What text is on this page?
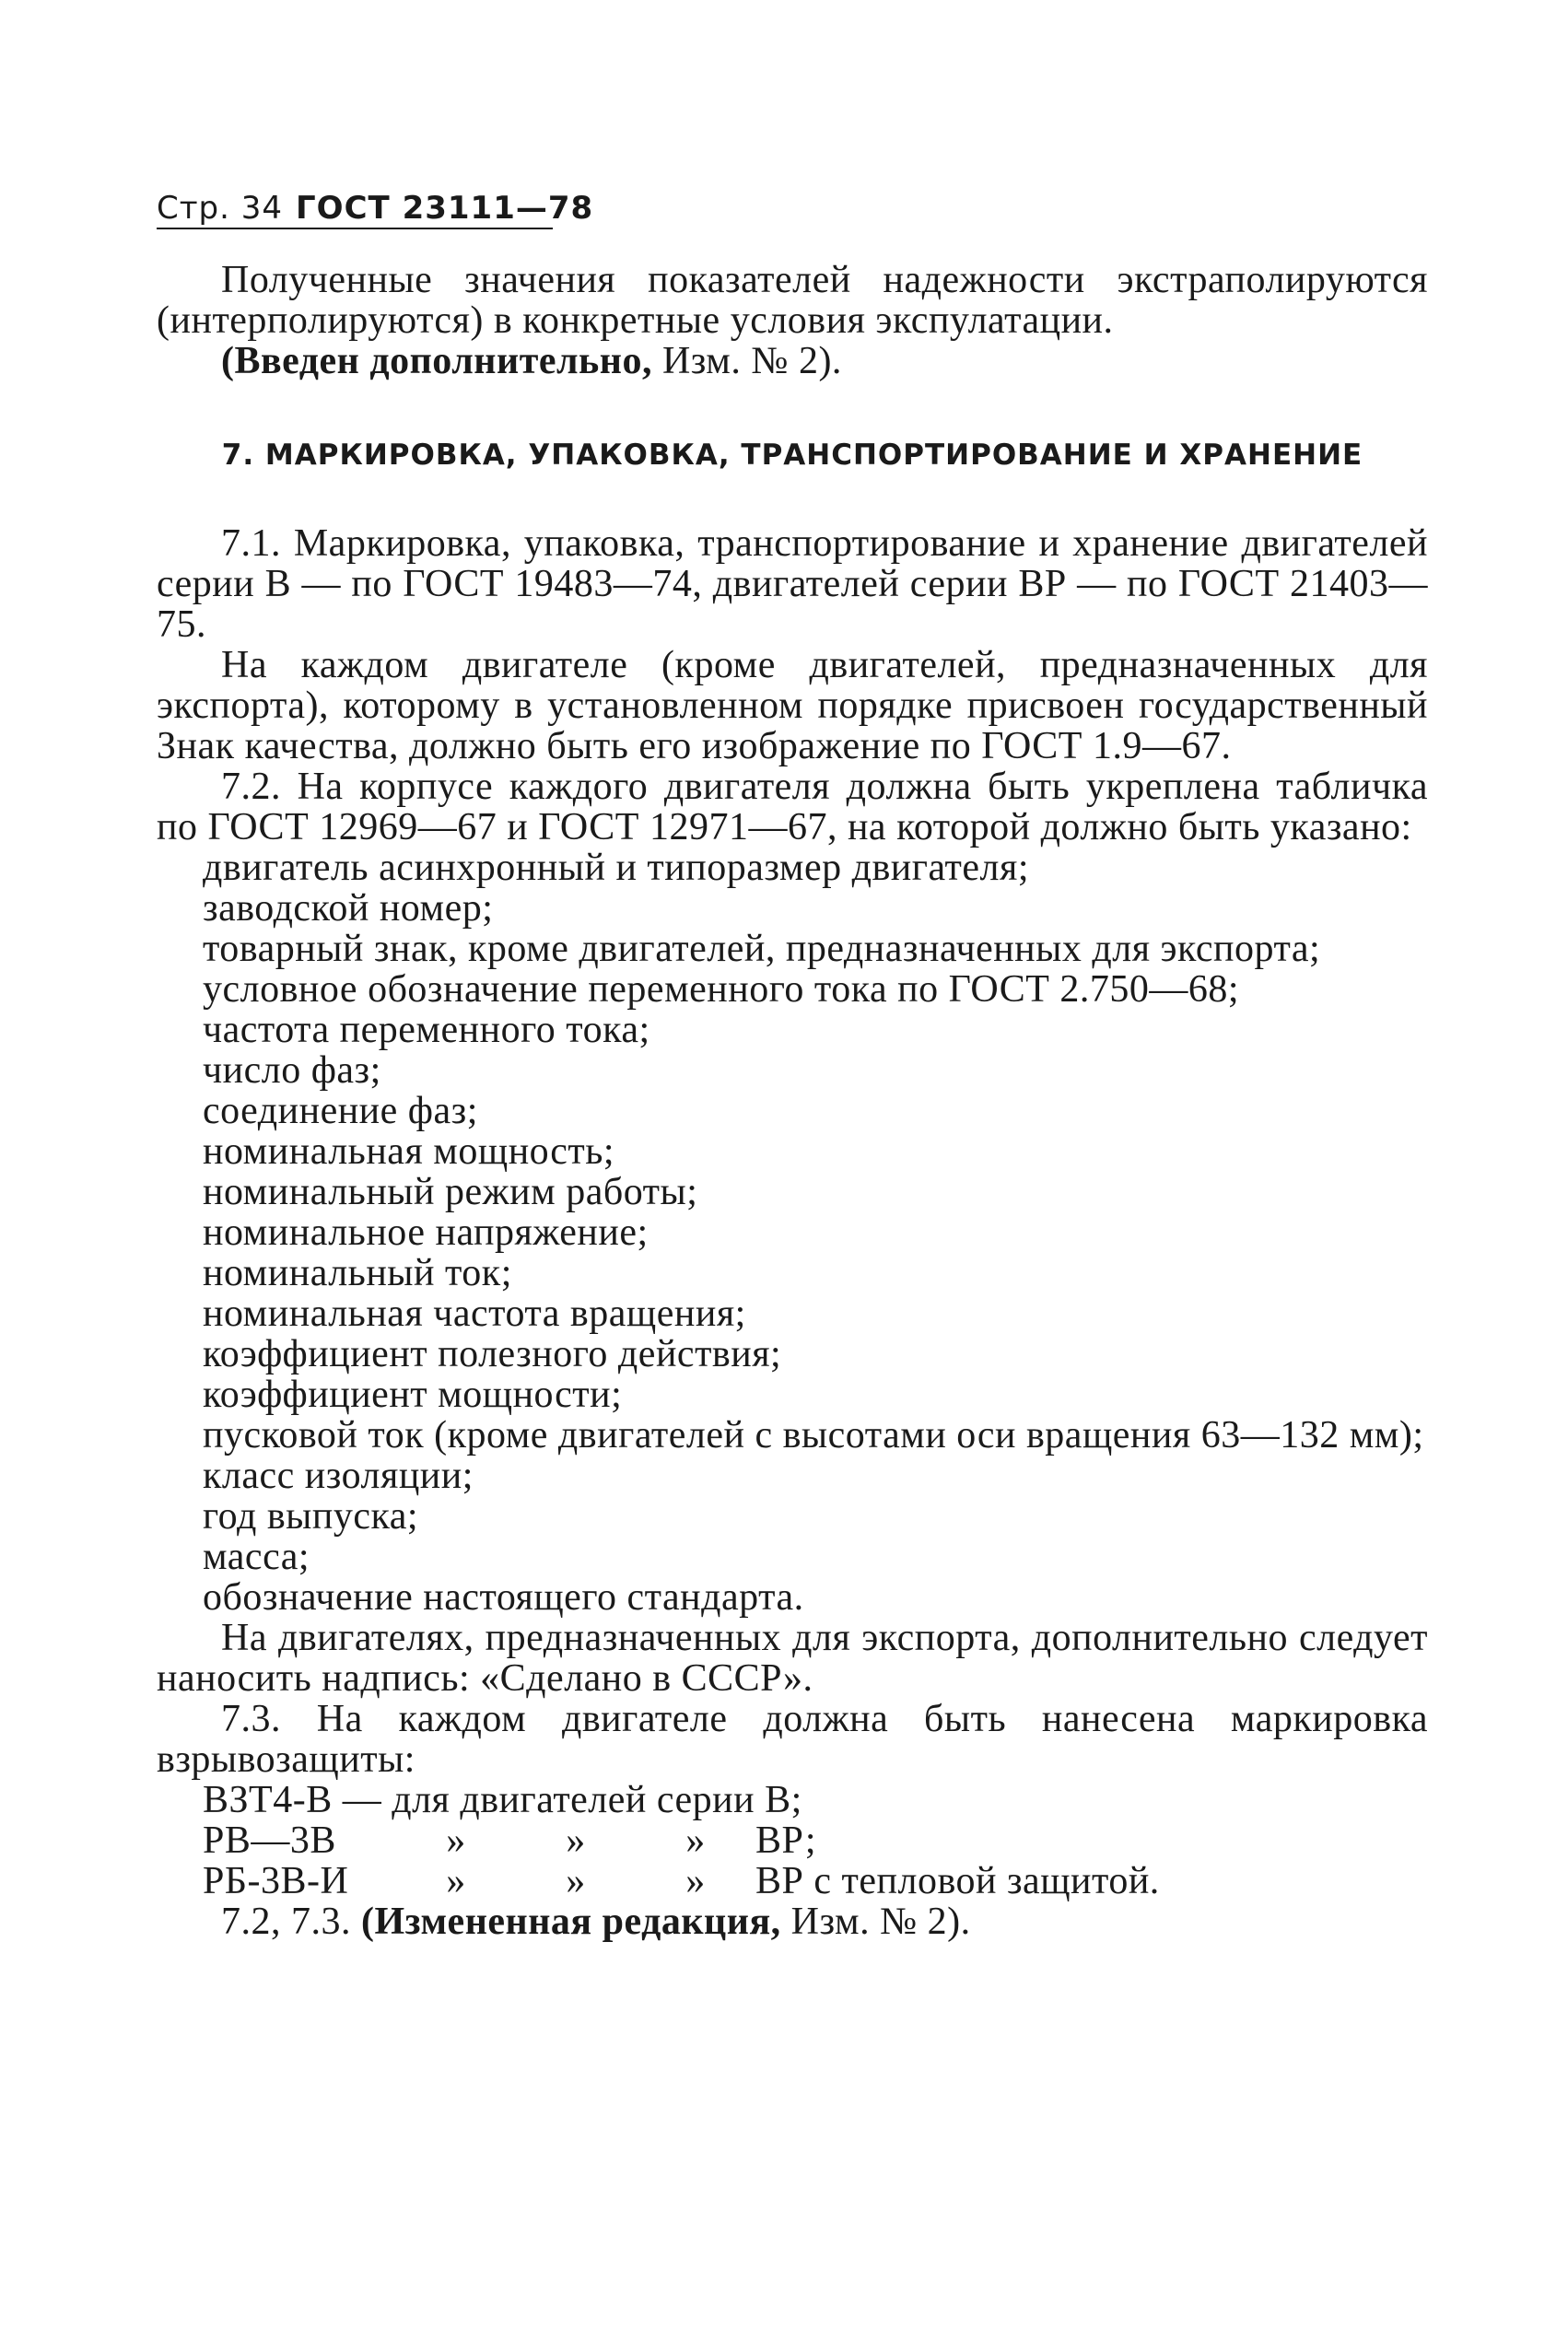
Стр. 34 ГОСТ 23111—78

Полученные значения показателей надежности экстраполируются (интерполируются) в конкретные условия экспулатации.

(Введен дополнительно, Изм. № 2).

7. МАРКИРОВКА, УПАКОВКА, ТРАНСПОРТИРОВАНИЕ И ХРАНЕНИЕ

7.1. Маркировка, упаковка, транспортирование и хранение двигателей серии В — по ГОСТ 19483—74, двигателей серии ВР — по ГОСТ 21403—75.

На каждом двигателе (кроме двигателей, предназначенных для экспорта), которому в установленном порядке присвоен государственный Знак качества, должно быть его изображение по ГОСТ 1.9—67.

7.2. На корпусе каждого двигателя должна быть укреплена табличка по ГОСТ 12969—67 и ГОСТ 12971—67, на которой должно быть указано:

двигатель асинхронный и типоразмер двигателя;

заводской номер;

товарный знак, кроме двигателей, предназначенных для экспорта;

условное обозначение переменного тока по ГОСТ 2.750—68;

частота переменного тока;

число фаз;

соединение фаз;

номинальная мощность;

номинальный режим работы;

номинальное напряжение;

номинальный ток;

номинальная частота вращения;

коэффициент полезного действия;

коэффициент мощности;

пусковой ток (кроме двигателей с высотами оси вращения 63—132 мм);

класс изоляции;

год выпуска;

масса;

обозначение настоящего стандарта.

На двигателях, предназначенных для экспорта, дополнительно следует наносить надпись: «Сделано в СССР».

7.3. На каждом двигателе должна быть нанесена маркировка взрывозащиты:

ВЗТ4-В — для двигателей серии В;
РВ—3В	»	»	»	ВР;
РБ-3В-И	»	»	»	ВР с тепловой защитой.

7.2, 7.3. (Измененная редакция, Изм. № 2).
